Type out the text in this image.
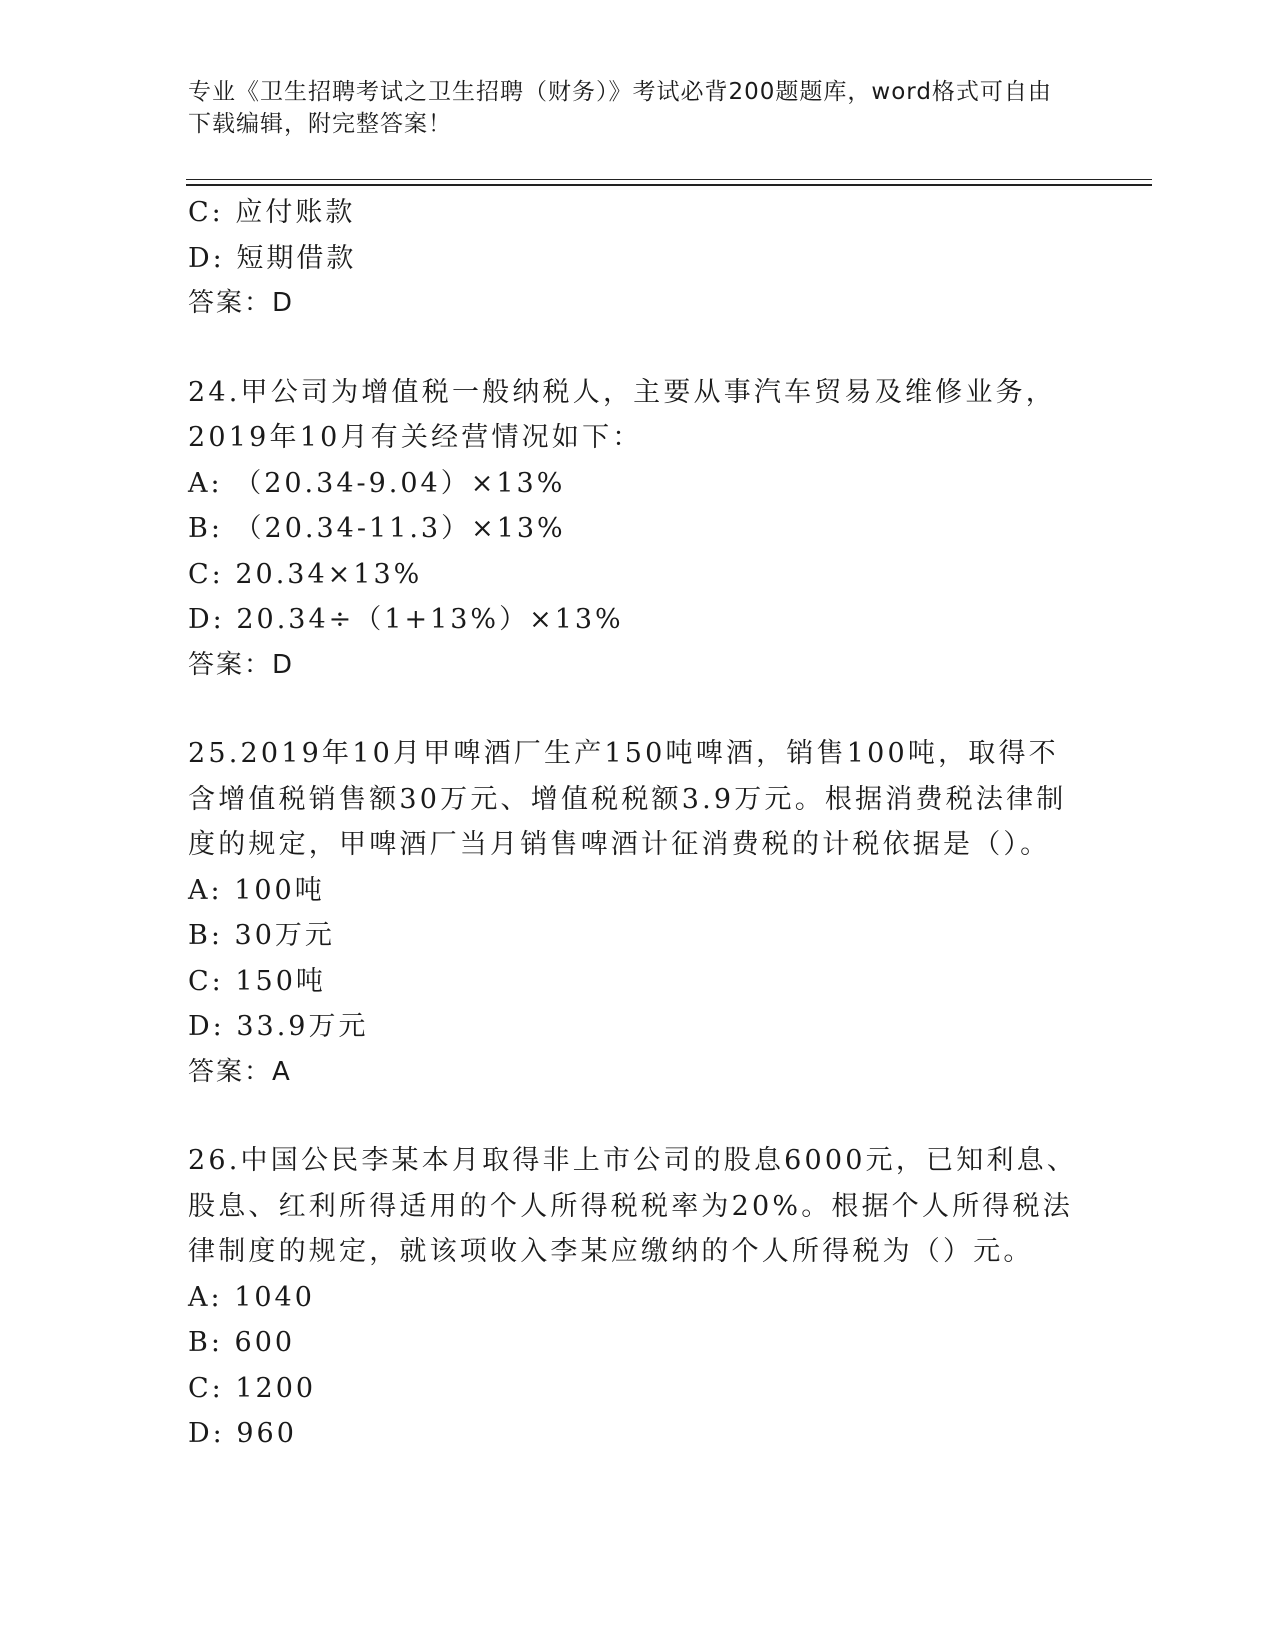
专业《卫生招聘考试之卫生招聘（财务）》考试必背200题题库，word格式可自由下载编辑，附完整答案！
C: 应付账款
D: 短期借款
答案：D
24.甲公司为增值税一般纳税人，主要从事汽车贸易及维修业务，2019年10月有关经营情况如下：
A: （20.34-9.04）×13%
B: （20.34-11.3）×13%
C: 20.34×13%
D: 20.34÷（1+13%）×13%
答案：D
25.2019年10月甲啤酒厂生产150吨啤酒，销售100吨，取得不含增值税销售额30万元、增值税税额3.9万元。根据消费税法律制度的规定，甲啤酒厂当月销售啤酒计征消费税的计税依据是（）。
A: 100吨
B: 30万元
C: 150吨
D: 33.9万元
答案：A
26.中国公民李某本月取得非上市公司的股息6000元，已知利息、股息、红利所得适用的个人所得税税率为20%。根据个人所得税法律制度的规定，就该项收入李某应缴纳的个人所得税为（）元。
A: 1040
B: 600
C: 1200
D: 960
